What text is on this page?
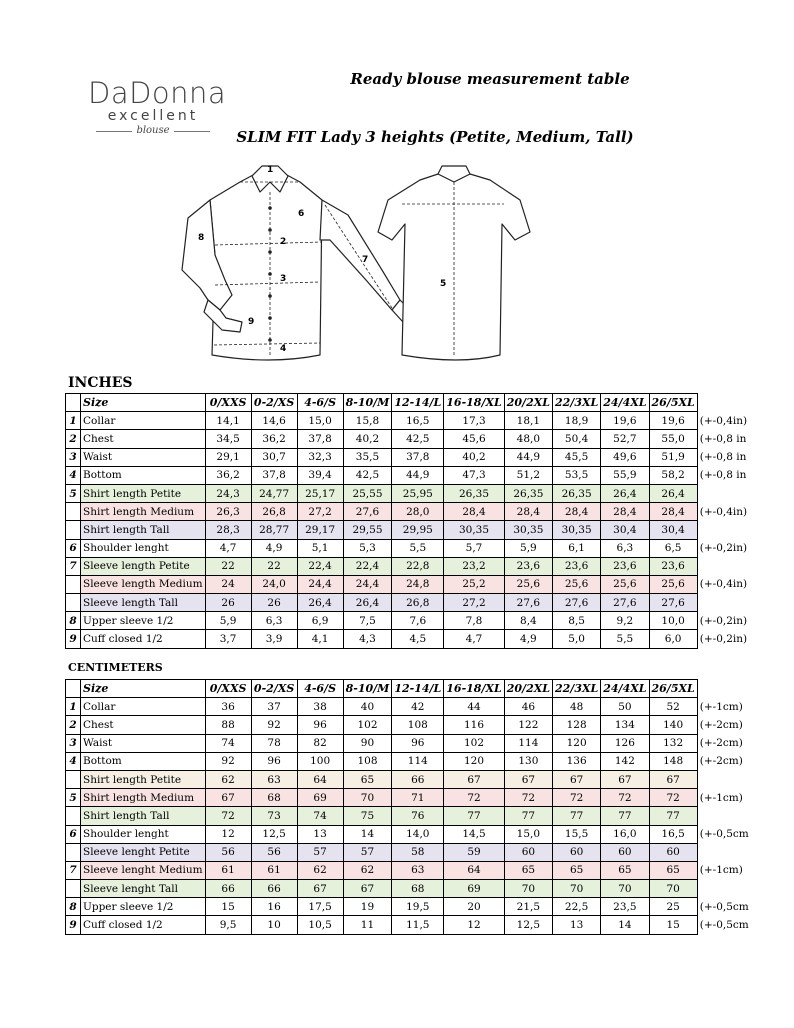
DaDonna
excellent
blouse
Ready blouse measurement table
SLIM FIT Lady 3 heights (Petite, Medium, Tall)
1
2
3
4
5
6
7
8
9
INCHES
	Size	0/XXS	0-2/XS	4-6/S	8-10/M	12-14/L	16-18/XL	20/2XL	22/3XL	24/4XL	26/5XL	
1	Collar	14,1	14,6	15,0	15,8	16,5	17,3	18,1	18,9	19,6	19,6	(+-0,4in)
2	Chest	34,5	36,2	37,8	40,2	42,5	45,6	48,0	50,4	52,7	55,0	(+-0,8 in
3	Waist	29,1	30,7	32,3	35,5	37,8	40,2	44,9	45,5	49,6	51,9	(+-0,8 in
4	Bottom	36,2	37,8	39,4	42,5	44,9	47,3	51,2	53,5	55,9	58,2	(+-0,8 in
5	Shirt length Petite	24,3	24,77	25,17	25,55	25,95	26,35	26,35	26,35	26,4	26,4	
	Shirt length Medium	26,3	26,8	27,2	27,6	28,0	28,4	28,4	28,4	28,4	28,4	(+-0,4in)
	Shirt length Tall	28,3	28,77	29,17	29,55	29,95	30,35	30,35	30,35	30,4	30,4	
6	Shoulder lenght	4,7	4,9	5,1	5,3	5,5	5,7	5,9	6,1	6,3	6,5	(+-0,2in)
7	Sleeve length Petite	22	22	22,4	22,4	22,8	23,2	23,6	23,6	23,6	23,6	
	Sleeve length Medium	24	24,0	24,4	24,4	24,8	25,2	25,6	25,6	25,6	25,6	(+-0,4in)
	Sleeve length Tall	26	26	26,4	26,4	26,8	27,2	27,6	27,6	27,6	27,6	
8	Upper sleeve 1/2	5,9	6,3	6,9	7,5	7,6	7,8	8,4	8,5	9,2	10,0	(+-0,2in)
9	Cuff closed 1/2	3,7	3,9	4,1	4,3	4,5	4,7	4,9	5,0	5,5	6,0	(+-0,2in)
CENTIMETERS
	Size	0/XXS	0-2/XS	4-6/S	8-10/M	12-14/L	16-18/XL	20/2XL	22/3XL	24/4XL	26/5XL	
1	Collar	36	37	38	40	42	44	46	48	50	52	(+-1cm)
2	Chest	88	92	96	102	108	116	122	128	134	140	(+-2cm)
3	Waist	74	78	82	90	96	102	114	120	126	132	(+-2cm)
4	Bottom	92	96	100	108	114	120	130	136	142	148	(+-2cm)
	Shirt length Petite	62	63	64	65	66	67	67	67	67	67	
5	Shirt length Medium	67	68	69	70	71	72	72	72	72	72	(+-1cm)
	Shirt length Tall	72	73	74	75	76	77	77	77	77	77	
6	Shoulder lenght	12	12,5	13	14	14,0	14,5	15,0	15,5	16,0	16,5	(+-0,5cm
	Sleeve lenght Petite	56	56	57	57	58	59	60	60	60	60	
7	Sleeve lenght Medium	61	61	62	62	63	64	65	65	65	65	(+-1cm)
	Sleeve lenght Tall	66	66	67	67	68	69	70	70	70	70	
8	Upper sleeve 1/2	15	16	17,5	19	19,5	20	21,5	22,5	23,5	25	(+-0,5cm
9	Cuff closed 1/2	9,5	10	10,5	11	11,5	12	12,5	13	14	15	(+-0,5cm
